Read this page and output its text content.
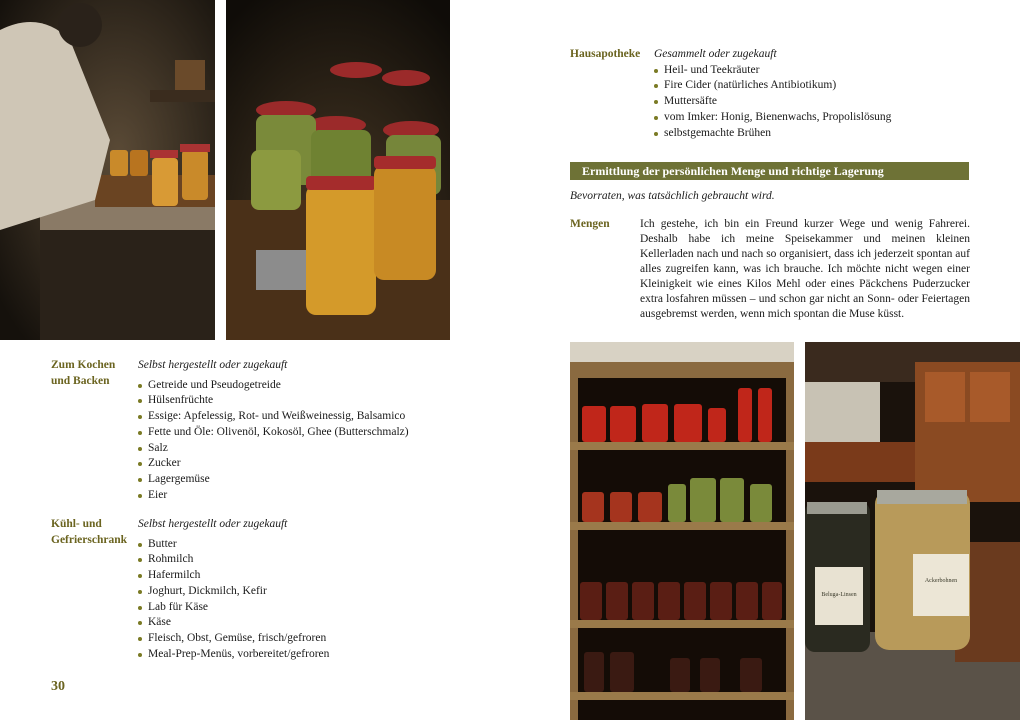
Hausapotheke Gesammelt oder zugekauft
Heil- und Teekräuter
Fire Cider (natürliches Antibiotikum)
Muttersäfte
vom Imker: Honig, Bienenwachs, Propolislösung
selbstgemachte Brühen
Ermittlung der persönlichen Menge und richtige Lagerung
Bevorraten, was tatsächlich gebraucht wird.
Mengen	Ich gestehe, ich bin ein Freund kurzer Wege und wenig Fahrerei. Deshalb habe ich meine Speisekammer und meinen kleinen Kellerladen nach und nach so organisiert, dass ich jederzeit spontan auf alles zugreifen kann, was ich brauche. Ich möchte nicht wegen einer Kleinigkeit wie eines Kilos Mehl oder eines Päckchens Puderzucker extra losfahren müssen – und schon gar nicht an Sonn- oder Feiertagen ausgebremst werden, wenn mich spontan die Muse küsst.

Zum Kochen
und Backen
Selbst hergestellt oder zugekauft
Getreide und Pseudogetreide
Hülsenfrüchte
Essige: Apfelessig, Rot- und Weißweinessig, Balsamico
Fette und Öle: Olivenöl, Kokosöl, Ghee (Butterschmalz)
Salz
Zucker
Lagergemüse
Eier
Kühl- und
Gefrierschrank
Selbst hergestellt oder zugekauft
Butter
Rohmilch
Hafermilch
Joghurt, Dickmilch, Kefir
Lab für Käse
Käse
Fleisch, Obst, Gemüse, frisch/gefroren
Meal-Prep-Menüs, vorbereitet/gefroren
Beluga-Linsen
Ackerbohnen
30
